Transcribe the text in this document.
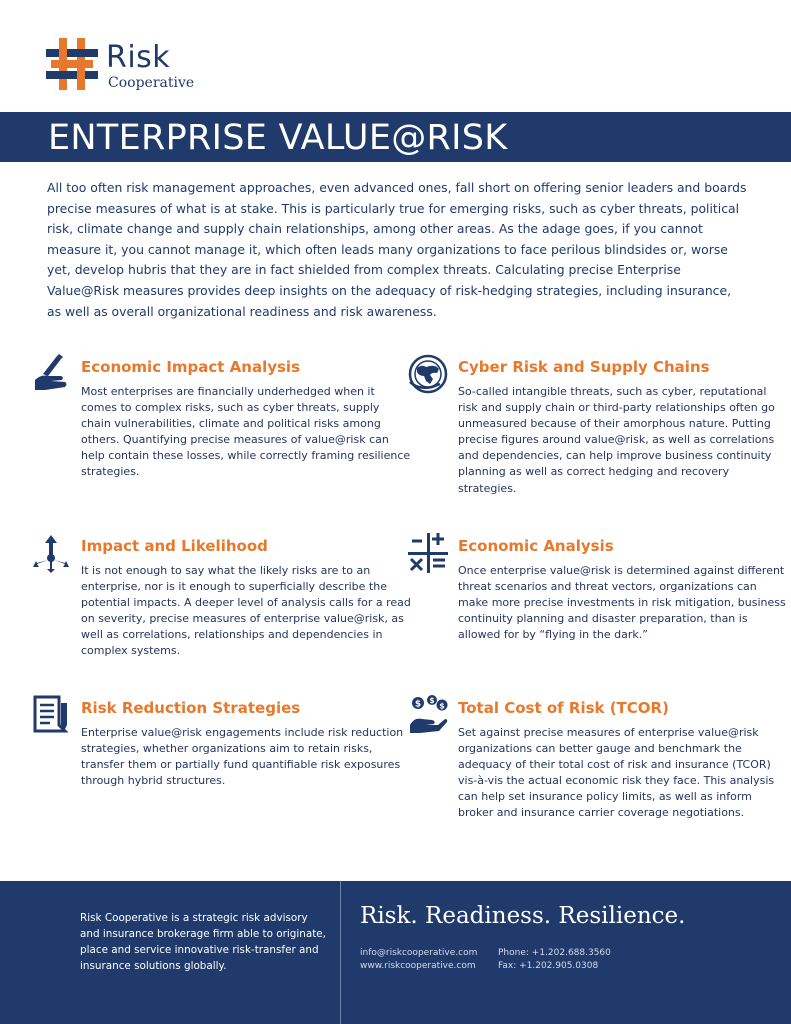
Risk
Cooperative
ENTERPRISE VALUE@RISK

All too often risk management approaches, even advanced ones, fall short on offering senior leaders and boards precise measures of what is at stake. This is particularly true for emerging risks, such as cyber threats, political risk, climate change and supply chain relationships, among other areas. As the adage goes, if you cannot measure it, you cannot manage it, which often leads many organizations to face perilous blindsides or, worse yet, develop hubris that they are in fact shielded from complex threats. Calculating precise Enterprise Value@Risk measures provides deep insights on the adequacy of risk-hedging strategies, including insurance, as well as overall organizational readiness and risk awareness.

Economic Impact Analysis

Most enterprises are financially underhedged when it comes to complex risks, such as cyber threats, supply chain vulnerabilities, climate and political risks among others. Quantifying precise measures of value@risk can help contain these losses, while correctly framing resilience strategies.

Cyber Risk and Supply Chains

So-called intangible threats, such as cyber, reputational risk and supply chain or third-party relationships often go unmeasured because of their amorphous nature. Putting precise figures around value@risk, as well as correlations and dependencies, can help improve business continuity planning as well as correct hedging and recovery strategies.

Impact and Likelihood

It is not enough to say what the likely risks are to an enterprise, nor is it enough to superficially describe the potential impacts. A deeper level of analysis calls for a read on severity, precise measures of enterprise value@risk, as well as correlations, relationships and dependencies in complex systems.

Economic Analysis

Once enterprise value@risk is determined against different threat scenarios and threat vectors, organizations can make more precise investments in risk mitigation, business continuity planning and disaster preparation, than is allowed for by “flying in the dark.”

Risk Reduction Strategies

Enterprise value@risk engagements include risk reduction strategies, whether organizations aim to retain risks, transfer them or partially fund quantifiable risk exposures through hybrid structures.

$ $
$ Total Cost of Risk (TCOR)

Set against precise measures of enterprise value@risk organizations can better gauge and benchmark the adequacy of their total cost of risk and insurance (TCOR) vis-à-vis the actual economic risk they face. This analysis can help set insurance policy limits, as well as inform broker and insurance carrier coverage negotiations.

Risk Cooperative is a strategic risk advisory and insurance brokerage firm able to originate, place and service innovative risk-transfer and insurance solutions globally.

Risk. Readiness. Resilience.
info@riskcooperative.com
www.riskcooperative.com
Phone: +1.202.688.3560
Fax: +1.202.905.0308
